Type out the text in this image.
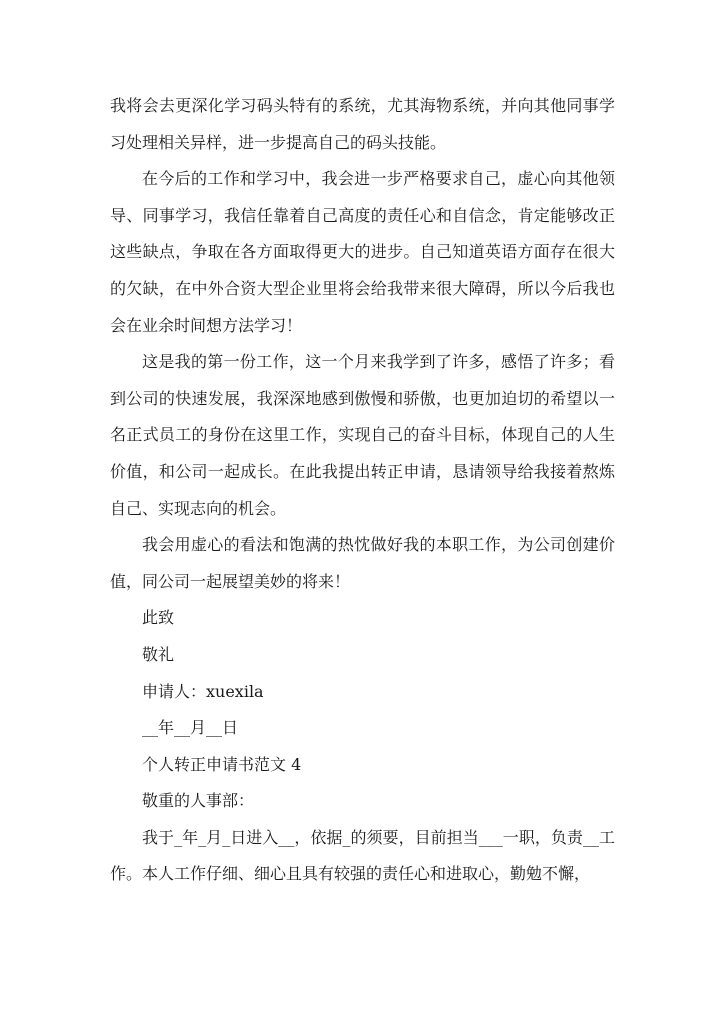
我将会去更深化学习码头特有的系统，尤其海物系统，并向其他同事学习处理相关异样，进一步提高自己的码头技能。

在今后的工作和学习中，我会进一步严格要求自己，虚心向其他领导、同事学习，我信任靠着自己高度的责任心和自信念，肯定能够改正这些缺点，争取在各方面取得更大的进步。自己知道英语方面存在很大的欠缺，在中外合资大型企业里将会给我带来很大障碍，所以今后我也会在业余时间想方法学习！

这是我的第一份工作，这一个月来我学到了许多，感悟了许多；看到公司的快速发展，我深深地感到傲慢和骄傲，也更加迫切的希望以一名正式员工的身份在这里工作，实现自己的奋斗目标，体现自己的人生价值，和公司一起成长。在此我提出转正申请，恳请领导给我接着熬炼自己、实现志向的机会。

我会用虚心的看法和饱满的热忱做好我的本职工作，为公司创建价值，同公司一起展望美妙的将来！

此致

敬礼

申请人：xuexila

__年__月__日

个人转正申请书范文 4

敬重的人事部：

我于_年_月_日进入__，依据_的须要，目前担当___一职，负责__工作。本人工作仔细、细心且具有较强的责任心和进取心，勤勉不懈，
